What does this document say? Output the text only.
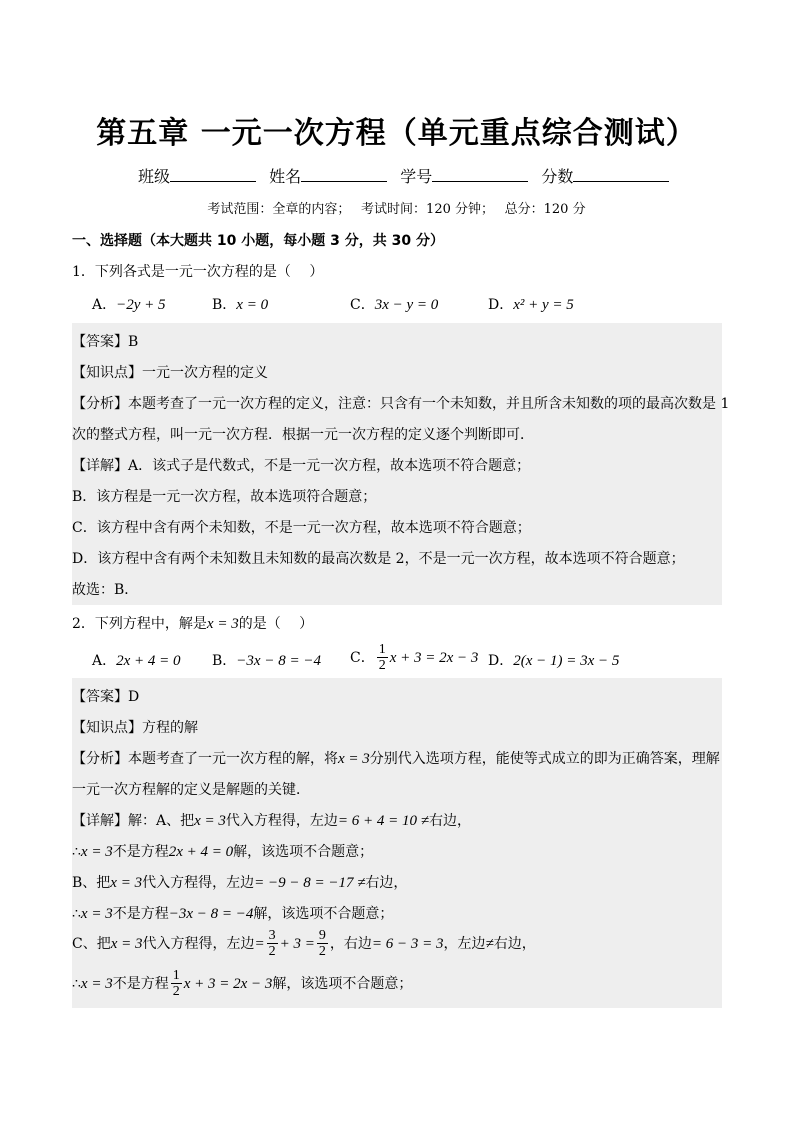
第五章 一元一次方程（单元重点综合测试）
班级	姓名	学号	分数
考试范围：全章的内容；　 考试时间：120 分钟；　 总分：120 分
一、选择题（本大题共 10 小题，每小题 3 分，共 30 分）
1．下列各式是一元一次方程的是（　 ）
A．−2y + 5	B．x = 0	C．3x − y = 0	D．x² + y = 5
【答案】B
【知识点】一元一次方程的定义
【分析】本题考查了一元一次方程的定义，注意：只含有一个未知数，并且所含未知数的项的最高次数是 1
次的整式方程，叫一元一次方程．根据一元一次方程的定义逐个判断即可．
【详解】A．该式子是代数式，不是一元一次方程，故本选项不符合题意；
B．该方程是一元一次方程，故本选项符合题意；
C．该方程中含有两个未知数，不是一元一次方程，故本选项不符合题意；
D．该方程中含有两个未知数且未知数的最高次数是 2，不是一元一次方程，故本选项不符合题意；
故选：B．
2．下列方程中，解是x = 3的是（　 ）
A．2x + 4 = 0 B．−3x − 8 = −4 C． $\frac{1}{2}$ x + 3 = 2x − 3 D．2(x − 1) = 3x − 5
【答案】D
【知识点】方程的解
【分析】本题考查了一元一次方程的解，将x = 3分别代入选项方程，能使等式成立的即为正确答案，理解
一元一次方程解的定义是解题的关键．
【详解】解：A、把x = 3代入方程得，左边= 6 + 4 = 10 ≠右边，
∴x = 3不是方程2x + 4 = 0解，该选项不合题意；
B、把x = 3代入方程得，左边= −9 − 8 = −17 ≠右边，
∴x = 3不是方程−3x − 8 = −4解，该选项不合题意；
C、把x = 3代入方程得，左边= $\frac{3}{2} + 3 = \frac{9}{2}$ ，右边= 6 − 3 = 3，左边≠右边，
∴x = 3不是方程 $\frac{1}{2}$ x + 3 = 2x − 3解，该选项不合题意；
